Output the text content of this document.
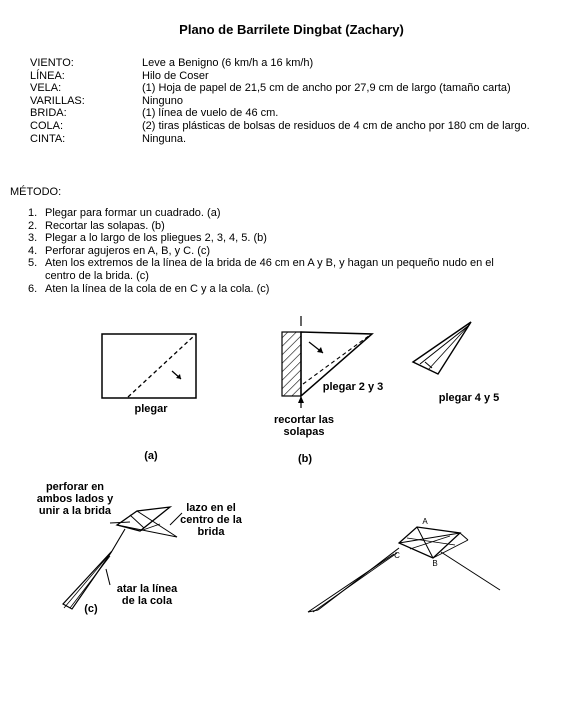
Plano de Barrilete Dingbat (Zachary)
VIENTO:	Leve a Benigno (6 km/h a 16 km/h)
LÍNEA:	Hilo de Coser
VELA:	(1) Hoja de papel de 21,5 cm de ancho por 27,9 cm de largo (tamaño carta)
VARILLAS:	Ninguno
BRIDA:	(1) línea de vuelo de 46 cm.
COLA:	(2) tiras plásticas de bolsas de residuos de 4 cm de ancho por 180 cm de largo.
CINTA:	Ninguna.
MÉTODO:
1. Plegar para formar un cuadrado. (a)
2. Recortar las solapas. (b)
3. Plegar a lo largo de los pliegues 2, 3, 4, 5. (b)
4. Perforar agujeros en A, B, y C. (c)
5. Aten los extremos de la línea de la brida de 46 cm en A y B, y hagan un pequeño nudo en el centro de la brida. (c)
6. Aten la línea de la cola de en C y a la cola. (c)
plegar
(a)
plegar 2 y 3
recortar las solapas
(b)
plegar 4 y 5
perforar en ambos lados y unir a la brida	lazo en el centro de la brida
atar la línea de la cola
(c)
A
B
C
